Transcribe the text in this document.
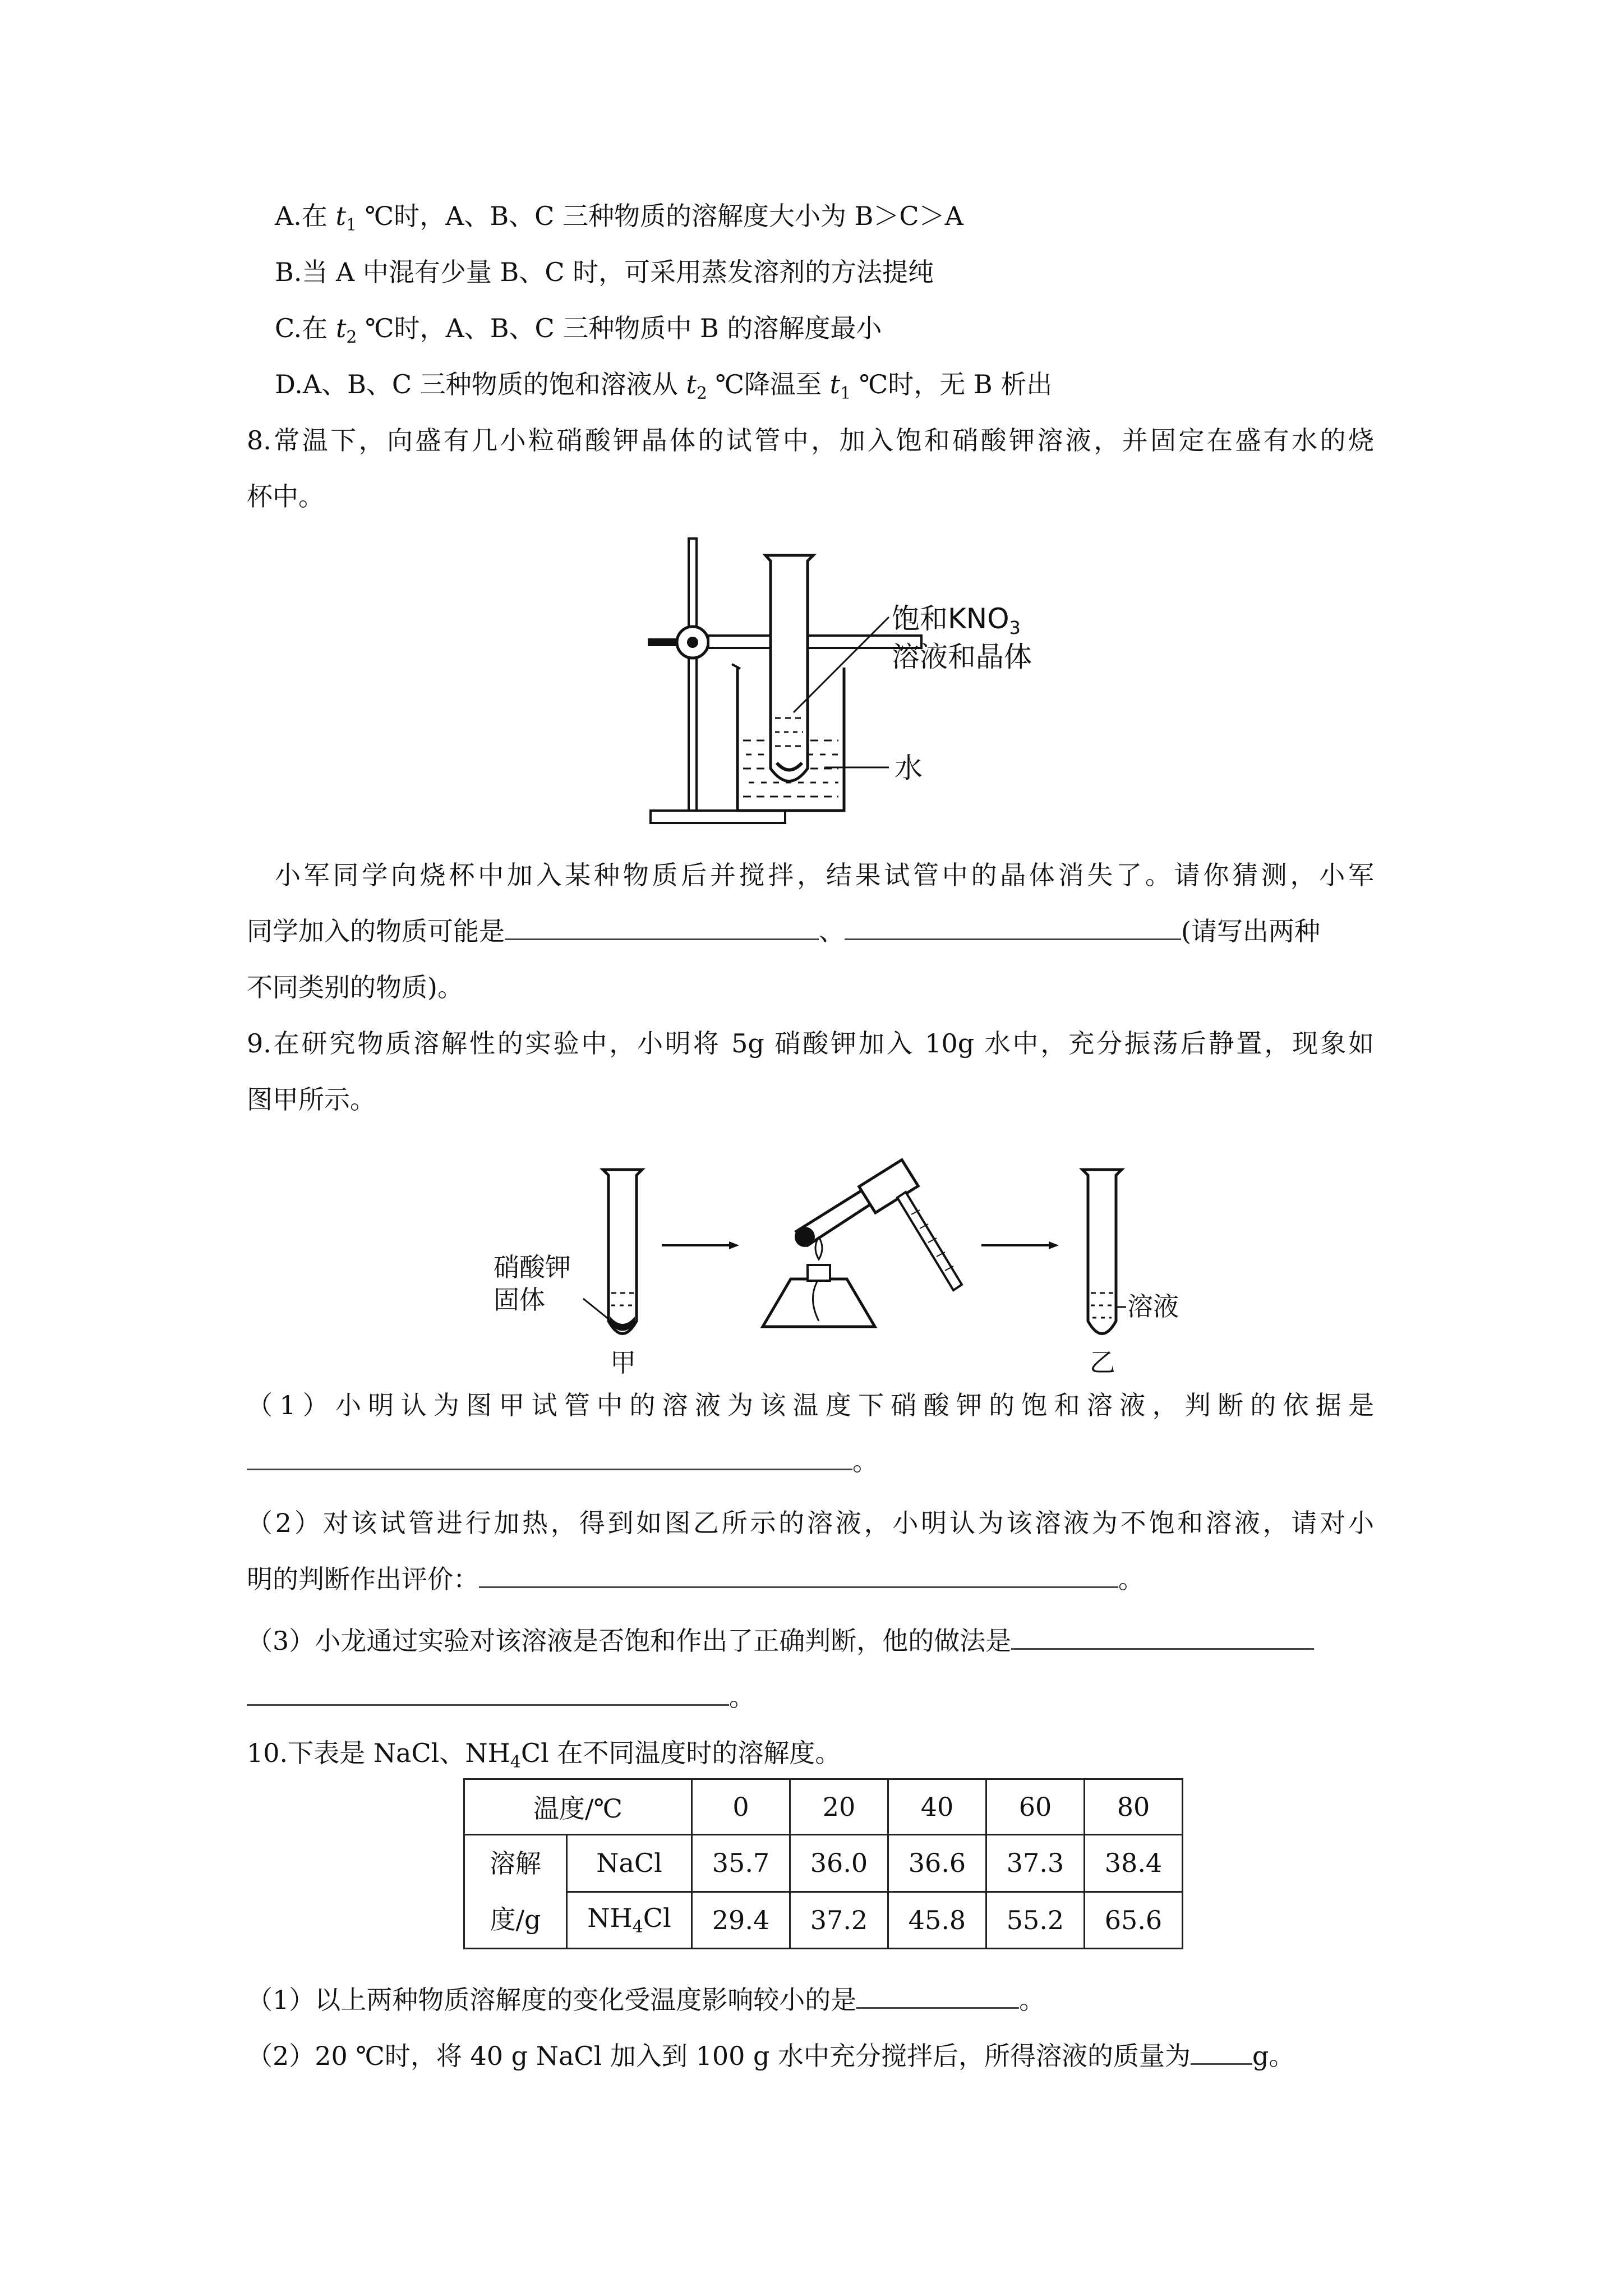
A.在 $t_1$ ℃时，A、B、C 三种物质的溶解度大小为 B＞C＞A
B.当 A 中混有少量 B、C 时，可采用蒸发溶剂的方法提纯
C.在 $t_2$ ℃时，A、B、C 三种物质中 B 的溶解度最小
D.A、B、C 三种物质的饱和溶液从 $t_2$ ℃降温至 $t_1$ ℃时，无 B 析出
8.常温下，向盛有几小粒硝酸钾晶体的试管中，加入饱和硝酸钾溶液，并固定在盛有水的烧
杯中。
饱和$KNO_3$
溶液和晶体
水
小军同学向烧杯中加入某种物质后并搅拌，结果试管中的晶体消失了。请你猜测，小军
同学加入的物质可能是	、	(请写出两种
不同类别的物质)。
9.在研究物质溶解性的实验中，小明将 5g 硝酸钾加入 10g 水中，充分振荡后静置，现象如
图甲所示。
硝酸钾
固体
甲
溶液
乙
（1）小明认为图甲试管中的溶液为该温度下硝酸钾的饱和溶液，判断的依据是
。
（2）对该试管进行加热，得到如图乙所示的溶液，小明认为该溶液为不饱和溶液，请对小
明的判断作出评价：	。
（3）小龙通过实验对该溶液是否饱和作出了正确判断，他的做法是
。
10.下表是 NaCl、$NH_4Cl$ 在不同温度时的溶解度。
温度/℃		0	20	40	60	80

溶解
度/g	NaCl	35.7	36.0	36.6	37.3	38.4
	$NH_4Cl$	29.4	37.2	45.8	55.2	65.6
（1）以上两种物质溶解度的变化受温度影响较小的是	。
（2）20 ℃时，将 40 g NaCl 加入到 100 g 水中充分搅拌后，所得溶液的质量为 g。
